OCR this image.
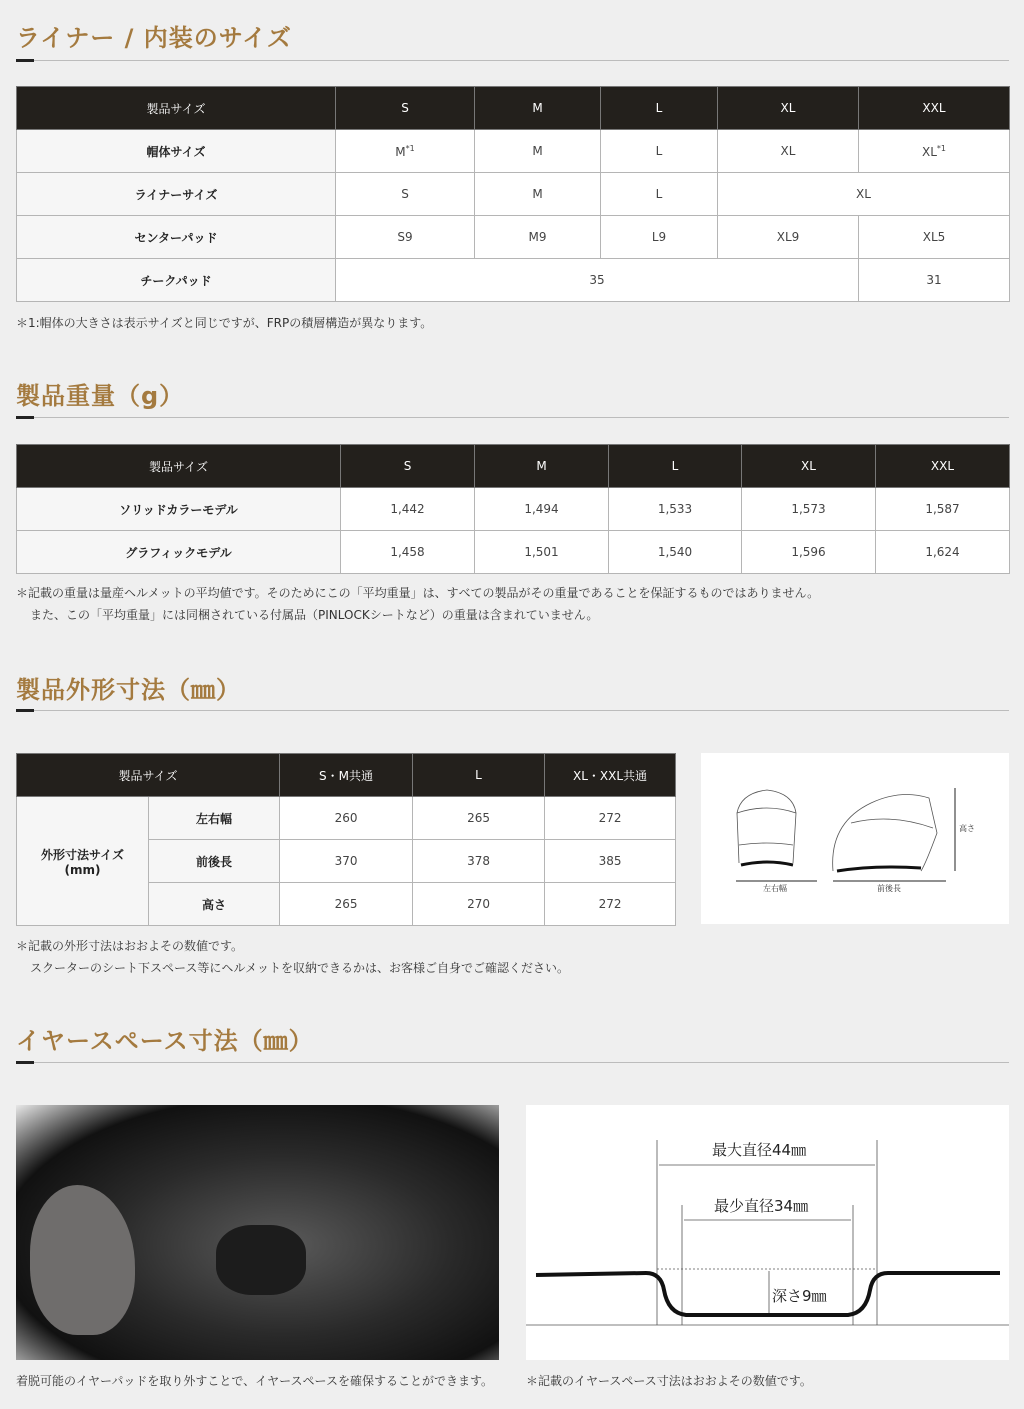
ライナー / 内装のサイズ
製品サイズ	S	M	L	XL	XXL
帽体サイズ	$M^{*1}$	M	L	XL	XL$^{*1}$
ライナーサイズ	S	M	L	XL	
センターパッド	S9	M9	L9	XL9	XL5
チークパッド	35				31
＊1:帽体の大きさは表示サイズと同じですが、FRPの積層構造が異なります。
製品重量（g）
製品サイズ	S	M	L	XL	XXL
ソリッドカラーモデル	1,442	1,494	1,533	1,573	1,587
グラフィックモデル	1,458	1,501	1,540	1,596	1,624
＊記載の重量は量産ヘルメットの平均値です。そのためにこの「平均重量」は、すべての製品がその重量であることを保証するものではありません。
また、この「平均重量」には同梱されている付属品（PINLOCKシートなど）の重量は含まれていません。
製品外形寸法（㎜）
製品サイズ		S・M共通	L	XL・XXL共通
外形寸法サイズ(mm)	左右幅	260	265	272
	前後長	370	378	385
	高さ	265	270	272
左右幅	前後長
高さ
＊記載の外形寸法はおおよその数値です。
スクーターのシート下スペース等にヘルメットを収納できるかは、お客様ご自身でご確認ください。
イヤースペース寸法（㎜）
最大直径44㎜
最少直径34㎜
深さ9㎜
着脱可能のイヤーパッドを取り外すことで、イヤースペースを確保することができます。	＊記載のイヤースペース寸法はおおよその数値です。
